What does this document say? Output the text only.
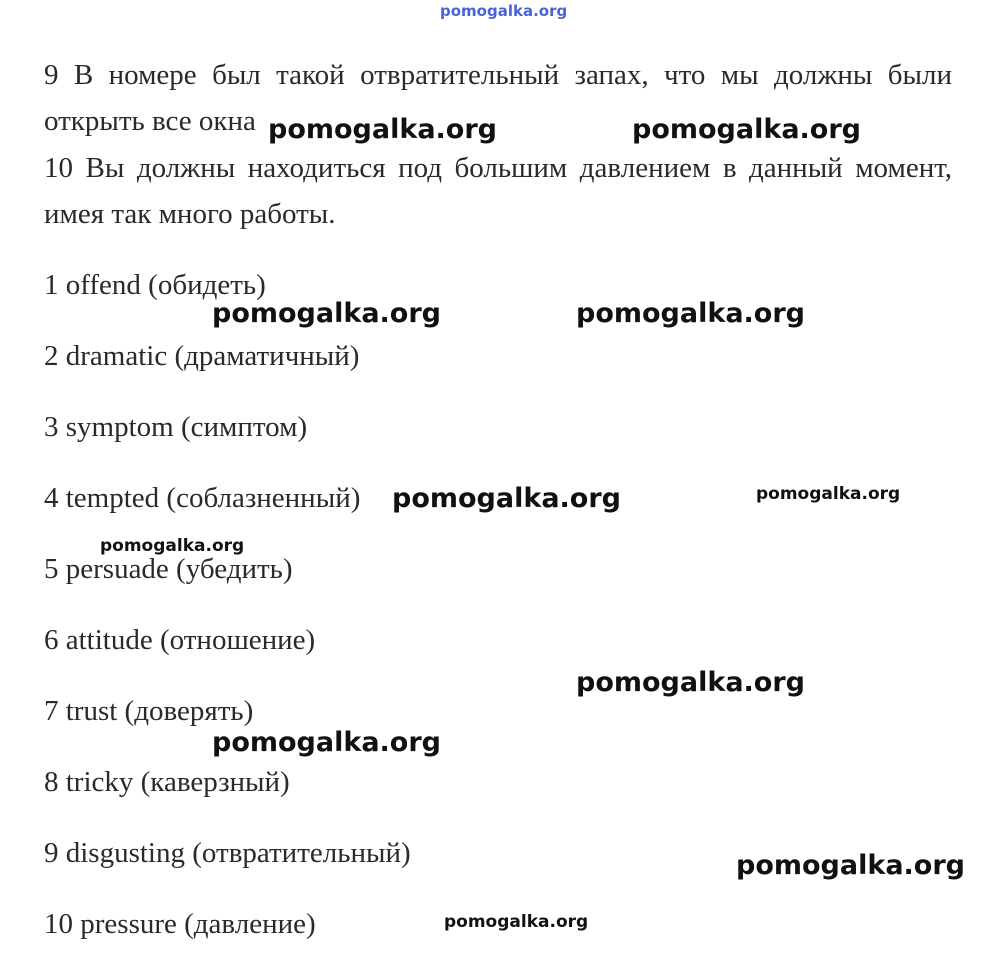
pomogalka.org
9 В номере был такой отвратительный запах, что мы должны были
открыть все окна
10 Вы должны находиться под большим давлением в данный момент,
имея так много работы.
1 offend (обидеть)
2 dramatic (драматичный)
3 symptom (симптом)
4 tempted (соблазненный)
5 persuade (убедить)
6 attitude (отношение)
7 trust (доверять)
8 tricky (каверзный)
9 disgusting (отвратительный)
10 pressure (давление)
pomogalka.org	pomogalka.org
pomogalka.org	pomogalka.org
pomogalka.org	pomogalka.org
pomogalka.org
pomogalka.org
pomogalka.org
pomogalka.org
pomogalka.org
